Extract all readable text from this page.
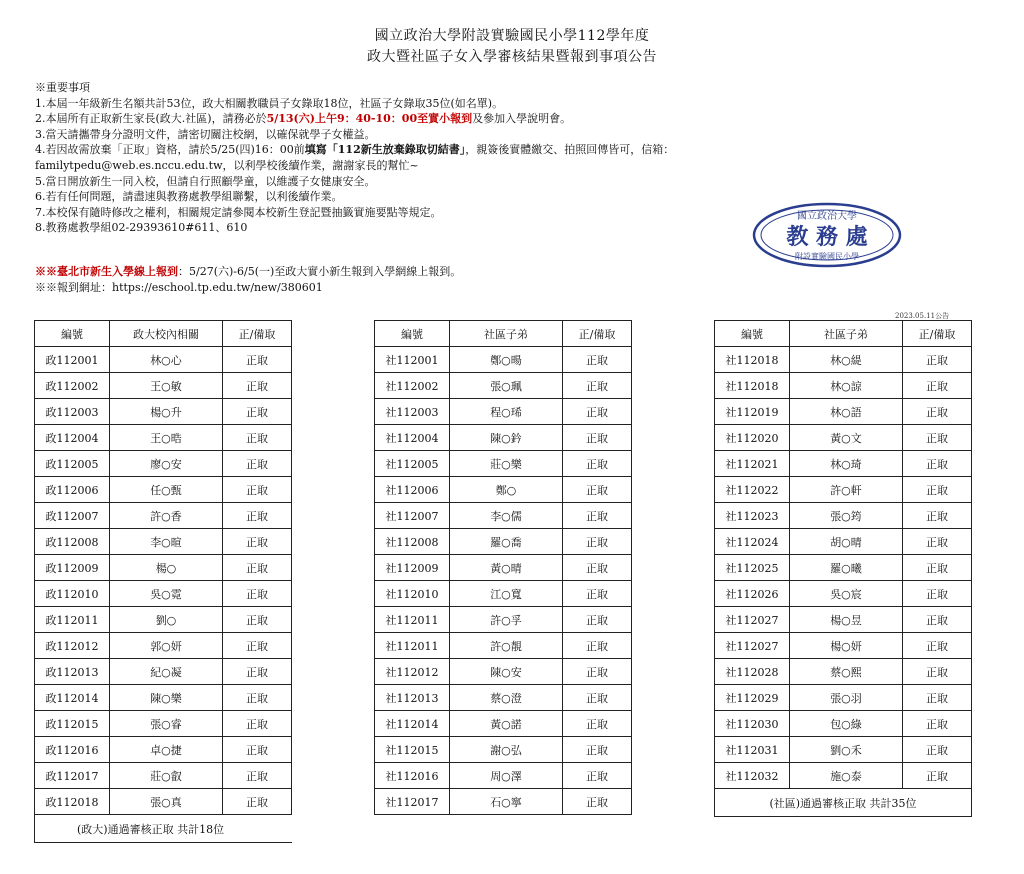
國立政治大學附設實驗國民小學112學年度
政大暨社區子女入學審核結果暨報到事項公告
※重要事項
1.本屆一年級新生名額共計53位，政大相關教職員子女錄取18位，社區子女錄取35位(如名單)。
2.本屆所有正取新生家長(政大.社區)，請務必於5/13(六)上午9：40-10：00至實小報到及參加入學說明會。
3.當天請攜帶身分證明文件，請密切關注校網，以確保就學子女權益。
4.若因故需放棄「正取」資格，請於5/25(四)16：00前填寫「112新生放棄錄取切結書」，親簽後實體繳交、拍照回傳皆可，信箱：
familytpedu@web.es.nccu.edu.tw，以利學校後續作業，謝謝家長的幫忙~
5.當日開放新生一同入校，但請自行照顧學童，以維護子女健康安全。
6.若有任何問題，請盡速與教務處教學組聯繫，以利後續作業。
7.本校保有隨時修改之權利，相關規定請參閱本校新生登記暨抽籤實施要點等規定。
8.教務處教學組02-29393610#611、610
※※臺北市新生入學線上報到：5/27(六)-6/5(一)至政大實小新生報到入學網線上報到。
※※報到網址：https://eschool.tp.edu.tw/new/380601
國立政治大學
教 務 處
附設實驗國民小學
2023.05.11公告
編號	政大校內相關	正/備取
政112001	林○心	正取
政112002	王○敏	正取
政112003	楊○升	正取
政112004	王○晧	正取
政112005	廖○安	正取
政112006	任○甄	正取
政112007	許○香	正取
政112008	李○暄	正取
政112009	楊○	正取
政112010	吳○霓	正取
政112011	劉○	正取
政112012	郭○妍	正取
政112013	紀○凝	正取
政112014	陳○樂	正取
政112015	張○睿	正取
政112016	卓○捷	正取
政112017	莊○叡	正取
政112018	張○真	正取
(政大)通過審核正取 共計18位		
編號	社區子弟	正/備取
社112001	鄭○暘	正取
社112002	張○珮	正取
社112003	程○琋	正取
社112004	陳○鈐	正取
社112005	莊○樂	正取
社112006	鄭○	正取
社112007	李○儒	正取
社112008	羅○喬	正取
社112009	黃○晴	正取
社112010	江○寬	正取
社112011	許○孚	正取
社112011	許○靚	正取
社112012	陳○安	正取
社112013	蔡○澄	正取
社112014	黃○諾	正取
社112015	謝○弘	正取
社112016	周○澤	正取
社112017	石○寧	正取
編號	社區子弟	正/備取
社112018	林○緹	正取
社112018	林○諒	正取
社112019	林○語	正取
社112020	黃○文	正取
社112021	林○琦	正取
社112022	許○軒	正取
社112023	張○筠	正取
社112024	胡○晴	正取
社112025	羅○曦	正取
社112026	吳○宸	正取
社112027	楊○昱	正取
社112027	楊○妍	正取
社112028	蔡○熙	正取
社112029	張○羽	正取
社112030	包○綠	正取
社112031	劉○禾	正取
社112032	施○泰	正取
(社區)通過審核正取 共計35位		
